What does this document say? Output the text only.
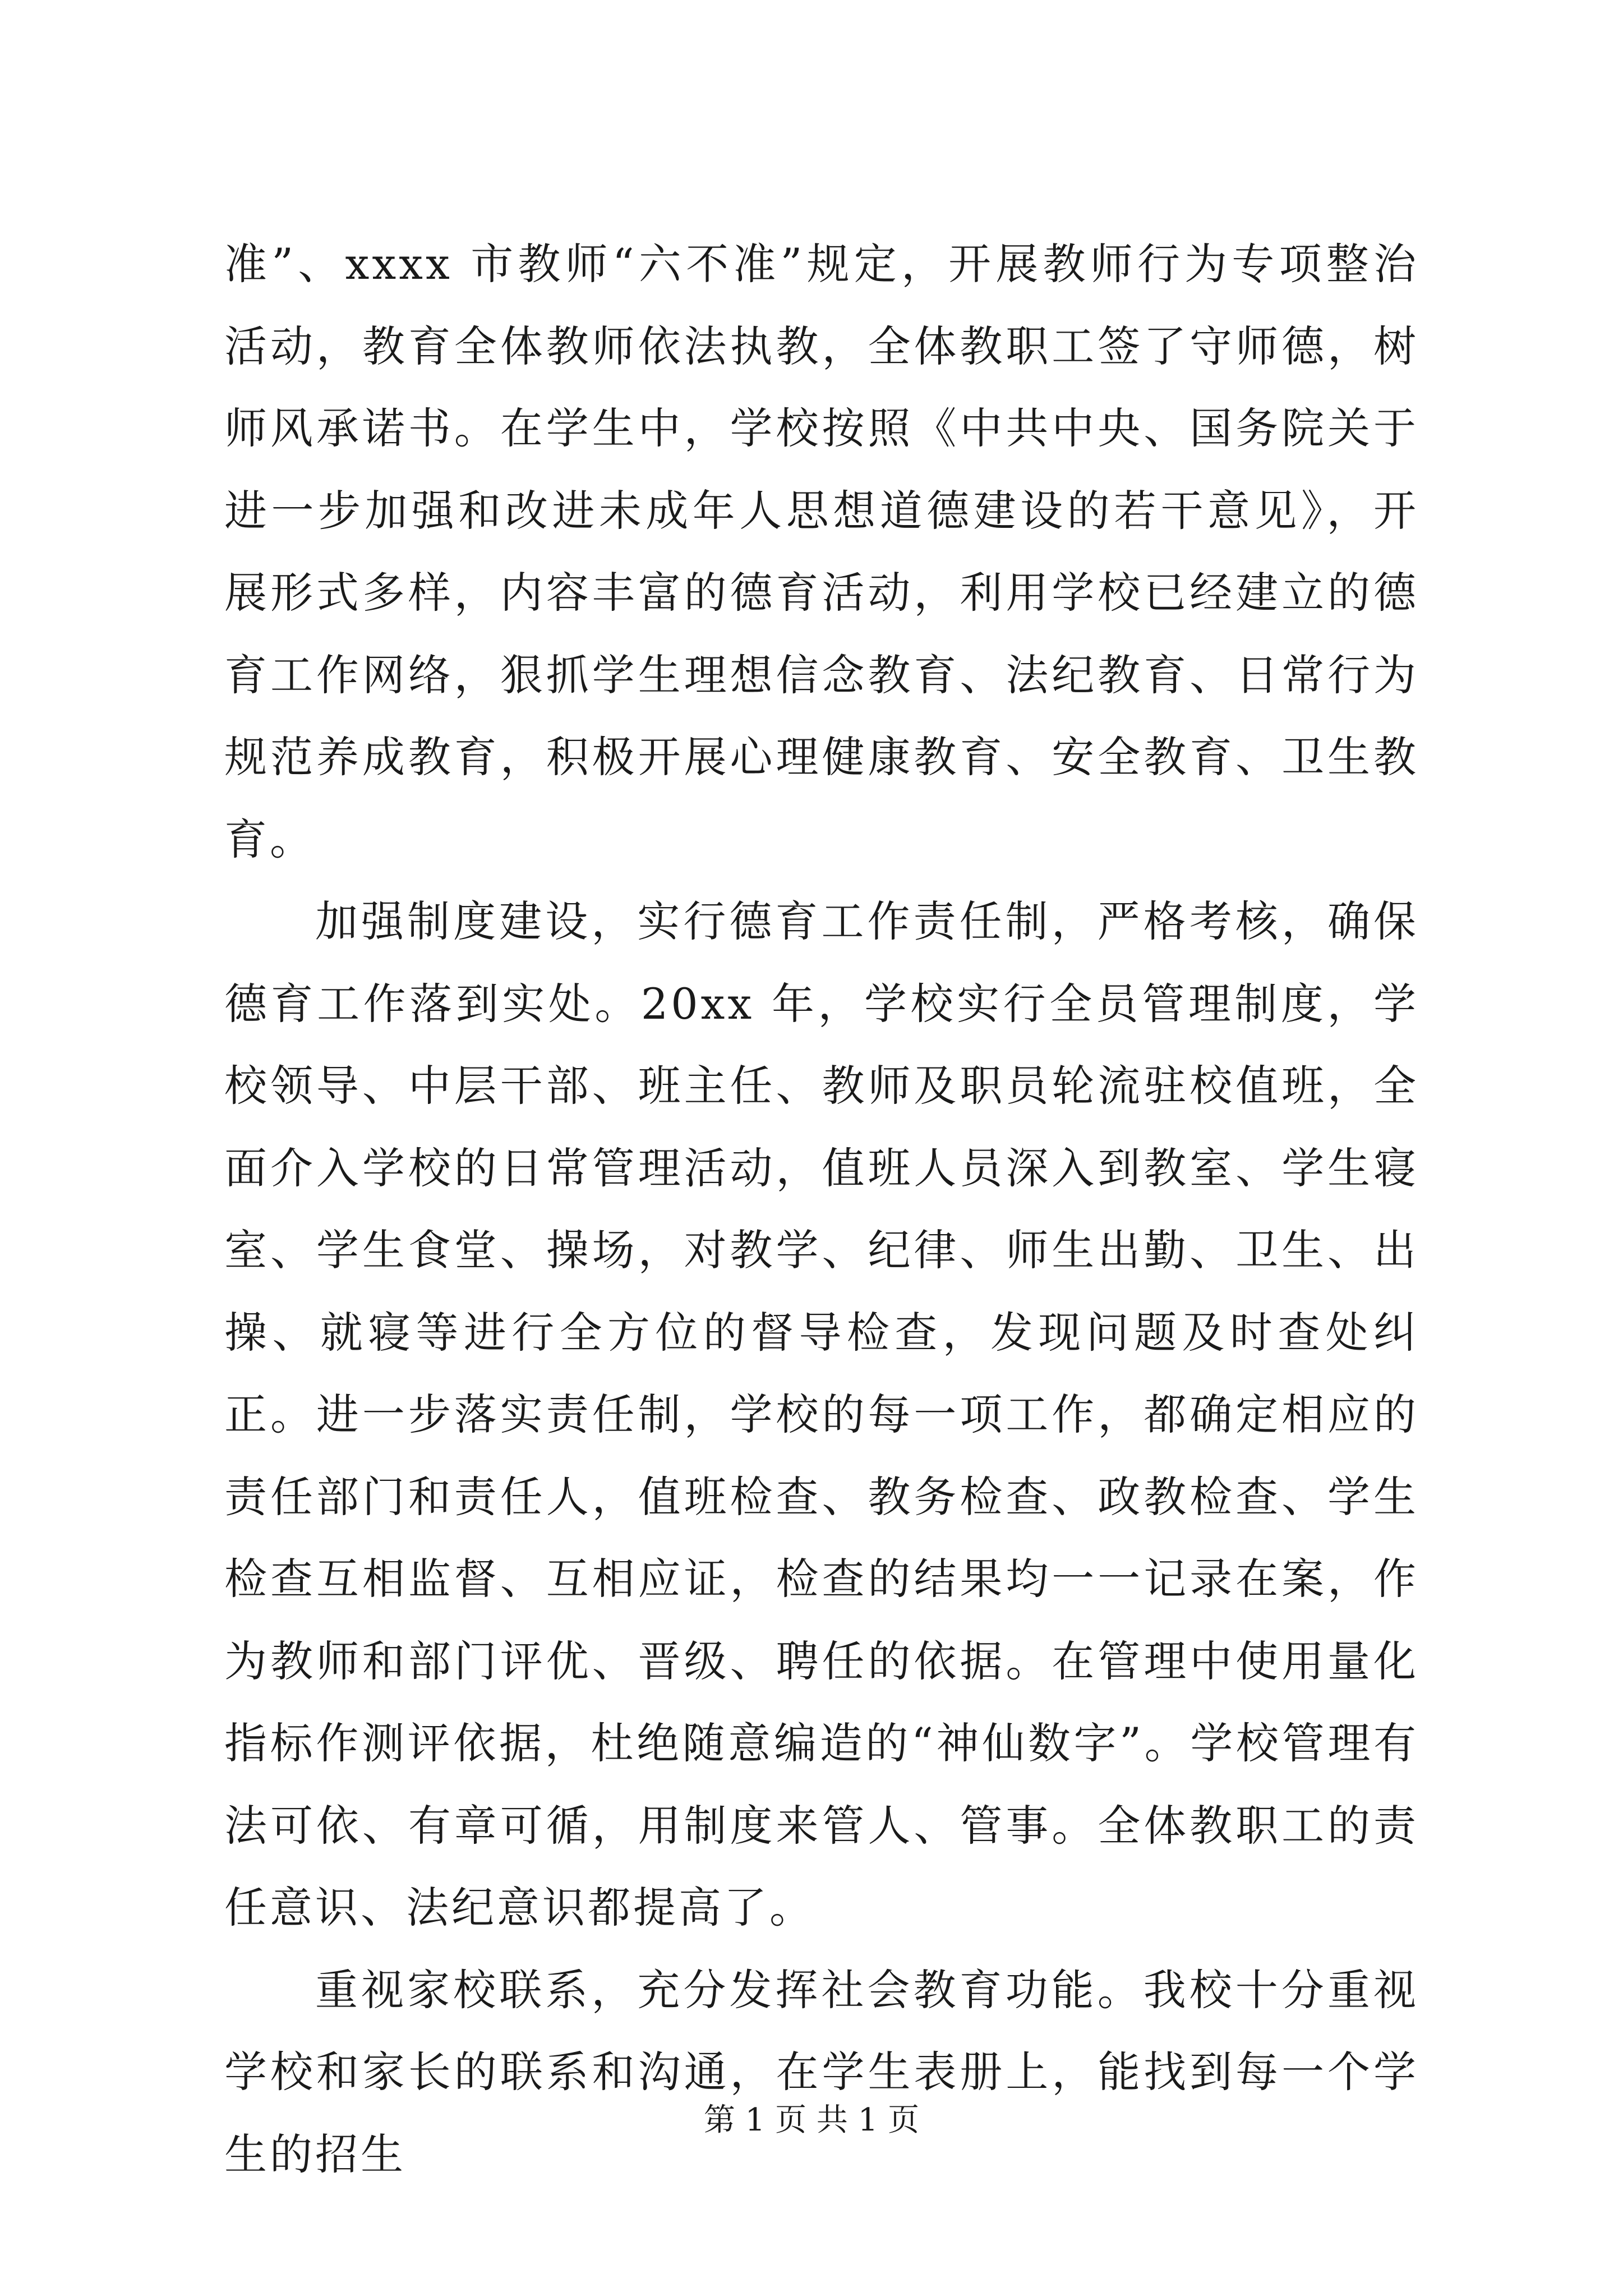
准”、xxxx 市教师“六不准”规定，开展教师行为专项整治活动，教育全体教师依法执教，全体教职工签了守师德，树师风承诺书。在学生中，学校按照《中共中央、国务院关于进一步加强和改进未成年人思想道德建设的若干意见》，开展形式多样，内容丰富的德育活动，利用学校已经建立的德育工作网络，狠抓学生理想信念教育、法纪教育、日常行为规范养成教育，积极开展心理健康教育、安全教育、卫生教育。

加强制度建设，实行德育工作责任制，严格考核，确保德育工作落到实处。20xx 年，学校实行全员管理制度，学校领导、中层干部、班主任、教师及职员轮流驻校值班，全面介入学校的日常管理活动，值班人员深入到教室、学生寝室、学生食堂、操场，对教学、纪律、师生出勤、卫生、出操、就寝等进行全方位的督导检查，发现问题及时查处纠正。进一步落实责任制，学校的每一项工作，都确定相应的责任部门和责任人，值班检查、教务检查、政教检查、学生检查互相监督、互相应证，检查的结果均一一记录在案，作为教师和部门评优、晋级、聘任的依据。在管理中使用量化指标作测评依据，杜绝随意编造的“神仙数字”。学校管理有法可依、有章可循，用制度来管人、管事。全体教职工的责任意识、法纪意识都提高了。

重视家校联系，充分发挥社会教育功能。我校十分重视学校和家长的联系和沟通，在学生表册上，能找到每一个学生的招生

第 1 页 共 1 页
